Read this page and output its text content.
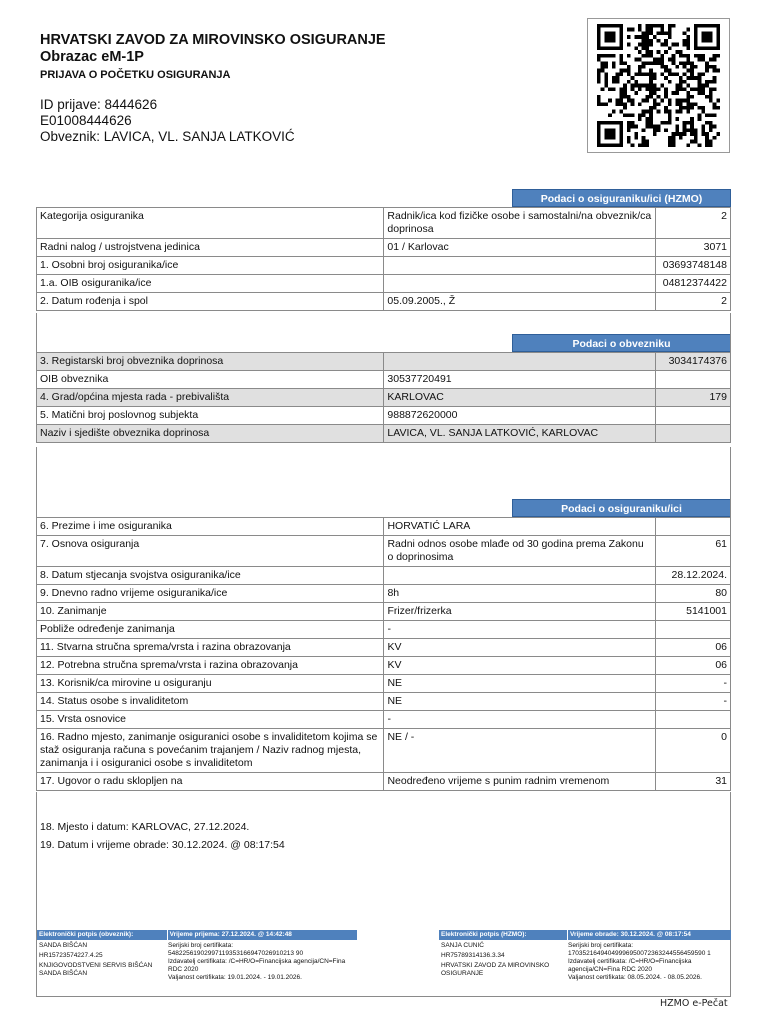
HRVATSKI ZAVOD ZA MIROVINSKO OSIGURANJE
Obrazac eM-1P
PRIJAVA O POČETKU OSIGURANJA
ID prijave: 8444626
E01008444626
Obveznik: LAVICA, VL. SANJA LATKOVIĆ
Podaci o osiguraniku/ici (HZMO)
Kategorija osiguranika	Radnik/ica kod fizičke osobe i samostalni/na obveznik/ca doprinosa	2
Radni nalog / ustrojstvena jedinica	01 / Karlovac	3071
1. Osobni broj osiguranika/ice		03693748148
1.a. OIB osiguranika/ice		04812374422
2. Datum rođenja i spol	05.09.2005., Ž	2
Podaci o obvezniku
3. Registarski broj obveznika doprinosa		3034174376
OIB obveznika	30537720491	
4. Grad/općina mjesta rada - prebivališta	KARLOVAC	179
5. Matični broj poslovnog subjekta	988872620000	
Naziv i sjedište obveznika doprinosa	LAVICA, VL. SANJA LATKOVIĆ, KARLOVAC	
Podaci o osiguraniku/ici
6. Prezime i ime osiguranika	HORVATIĆ LARA	
7. Osnova osiguranja	Radni odnos osobe mlađe od 30 godina prema Zakonu o doprinosima	61
8. Datum stjecanja svojstva osiguranika/ice		28.12.2024.
9. Dnevno radno vrijeme osiguranika/ice	8h	80
10. Zanimanje	Frizer/frizerka	5141001
Pobliže određenje zanimanja	-	
11. Stvarna stručna sprema/vrsta i razina obrazovanja	KV	06
12. Potrebna stručna sprema/vrsta i razina obrazovanja	KV	06
13. Korisnik/ca mirovine u osiguranju	NE	-
14. Status osobe s invaliditetom	NE	-
15. Vrsta osnovice	-	
16. Radno mjesto, zanimanje osiguranici osobe s invaliditetom kojima se staž osiguranja računa s povećanim trajanjem / Naziv radnog mjesta, zanimanja i i osiguranici osobe s invaliditetom	NE / -	0
17. Ugovor o radu sklopljen na	Neodređeno vrijeme s punim radnim vremenom	31
18. Mjesto i datum: KARLOVAC, 27.12.2024.
19. Datum i vrijeme obrade: 30.12.2024. @ 08:17:54
Elektronički potpis (obveznik):	Vrijeme prijema: 27.12.2024. @ 14:42:48
SANDA BIŠĆAN
HR15723574227.4.25
KNJIGOVODSTVENI SERVIS BIŠĆAN SANDA BIŠĆAN
Serijski broj certifikata:
54822561902997119353166947026910213 90
Izdavatelj certifikata: /C=HR/O=Financijska agencija/CN=Fina RDC 2020
Valjanost certifikata: 19.01.2024. - 19.01.2026.
Elektronički potpis (HZMO):	Vrijeme obrade: 30.12.2024. @ 08:17:54
SANJA CUNIĆ
HR75789314136.3.34
HRVATSKI ZAVOD ZA MIROVINSKO OSIGURANJE
Serijski broj certifikata:
17035216494049996950072363244556459590 1
Izdavatelj certifikata: /C=HR/O=Financijska agencija/CN=Fina RDC 2020
Valjanost certifikata: 08.05.2024. - 08.05.2026.
HZMO e-Pečat
